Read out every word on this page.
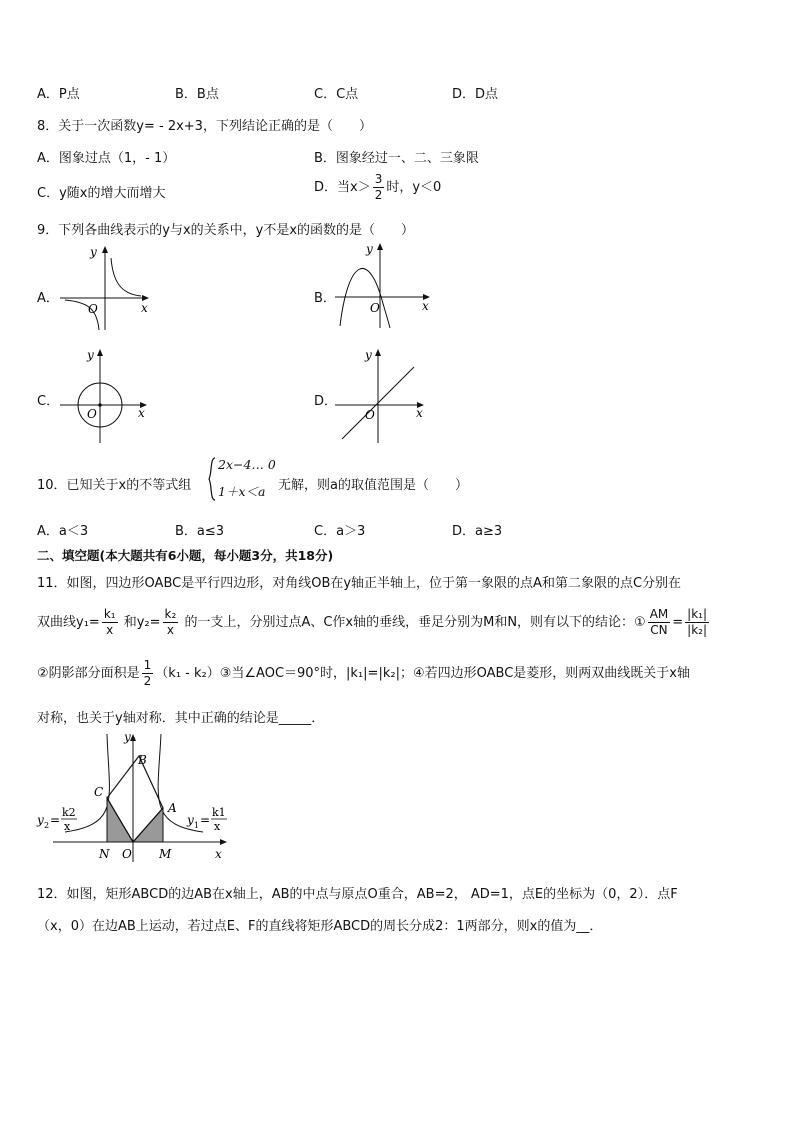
A．P点	B．B点	C．C点	D．D点
8．关于一次函数y= - 2x+3，下列结论正确的是（　　）
A．图象过点（1，- 1）	B．图象经过一、二、三象限
C．y随x的增大而增大	D．当$x> \frac{3}{2}$ 时，y＜0
9．下列各曲线表示的y与x的关系中，y不是x的函数的是（　　）
A．
x
y
O
B．	x
y
O
C．
x
y
O
D．
x
y
O
10．已知关于x的不等式组
2x−4… 0
1＋x＜a 无解，则a的取值范围是（　　）
A．a＜3	B．a≤3	C．a＞3	D．a≥3
二、填空题(本大题共有6小题，每小题3分，共18分)
11．如图，四边形OABC是平行四边形，对角线OB在y轴正半轴上，位于第一象限的点A和第二象限的点C分别在
双曲线$y_1= \frac{\text{k₁}}{x}$ 和$y_2= \frac{\text{k₂}}{x}$ 的一支上，分别过点A、C作x轴的垂线，垂足分别为M和N，则有以下的结论：① $\frac{AM}{CN} = \frac{\text{|k₁|}}{\text{|k₂|}}$
②阴影部分面积是 $\frac{1}{2} (k_1$ - k₂）③当∠AOC＝90°时，|k₁|=|k₂|；④若四边形OABC是菱形，则两双曲线既关于x轴
对称，也关于y轴对称．其中正确的结论是_____．
y
x
B
C
A
N O M
y 2 =
k2
x	y 1 =
k1
x
12．如图，矩形ABCD的边AB在x轴上，AB的中点与原点O重合，AB=2， AD=1，点E的坐标为（0，2）．点F
（x，0）在边AB上运动，若过点E、F的直线将矩形ABCD的周长分成2：1两部分，则x的值为__．
